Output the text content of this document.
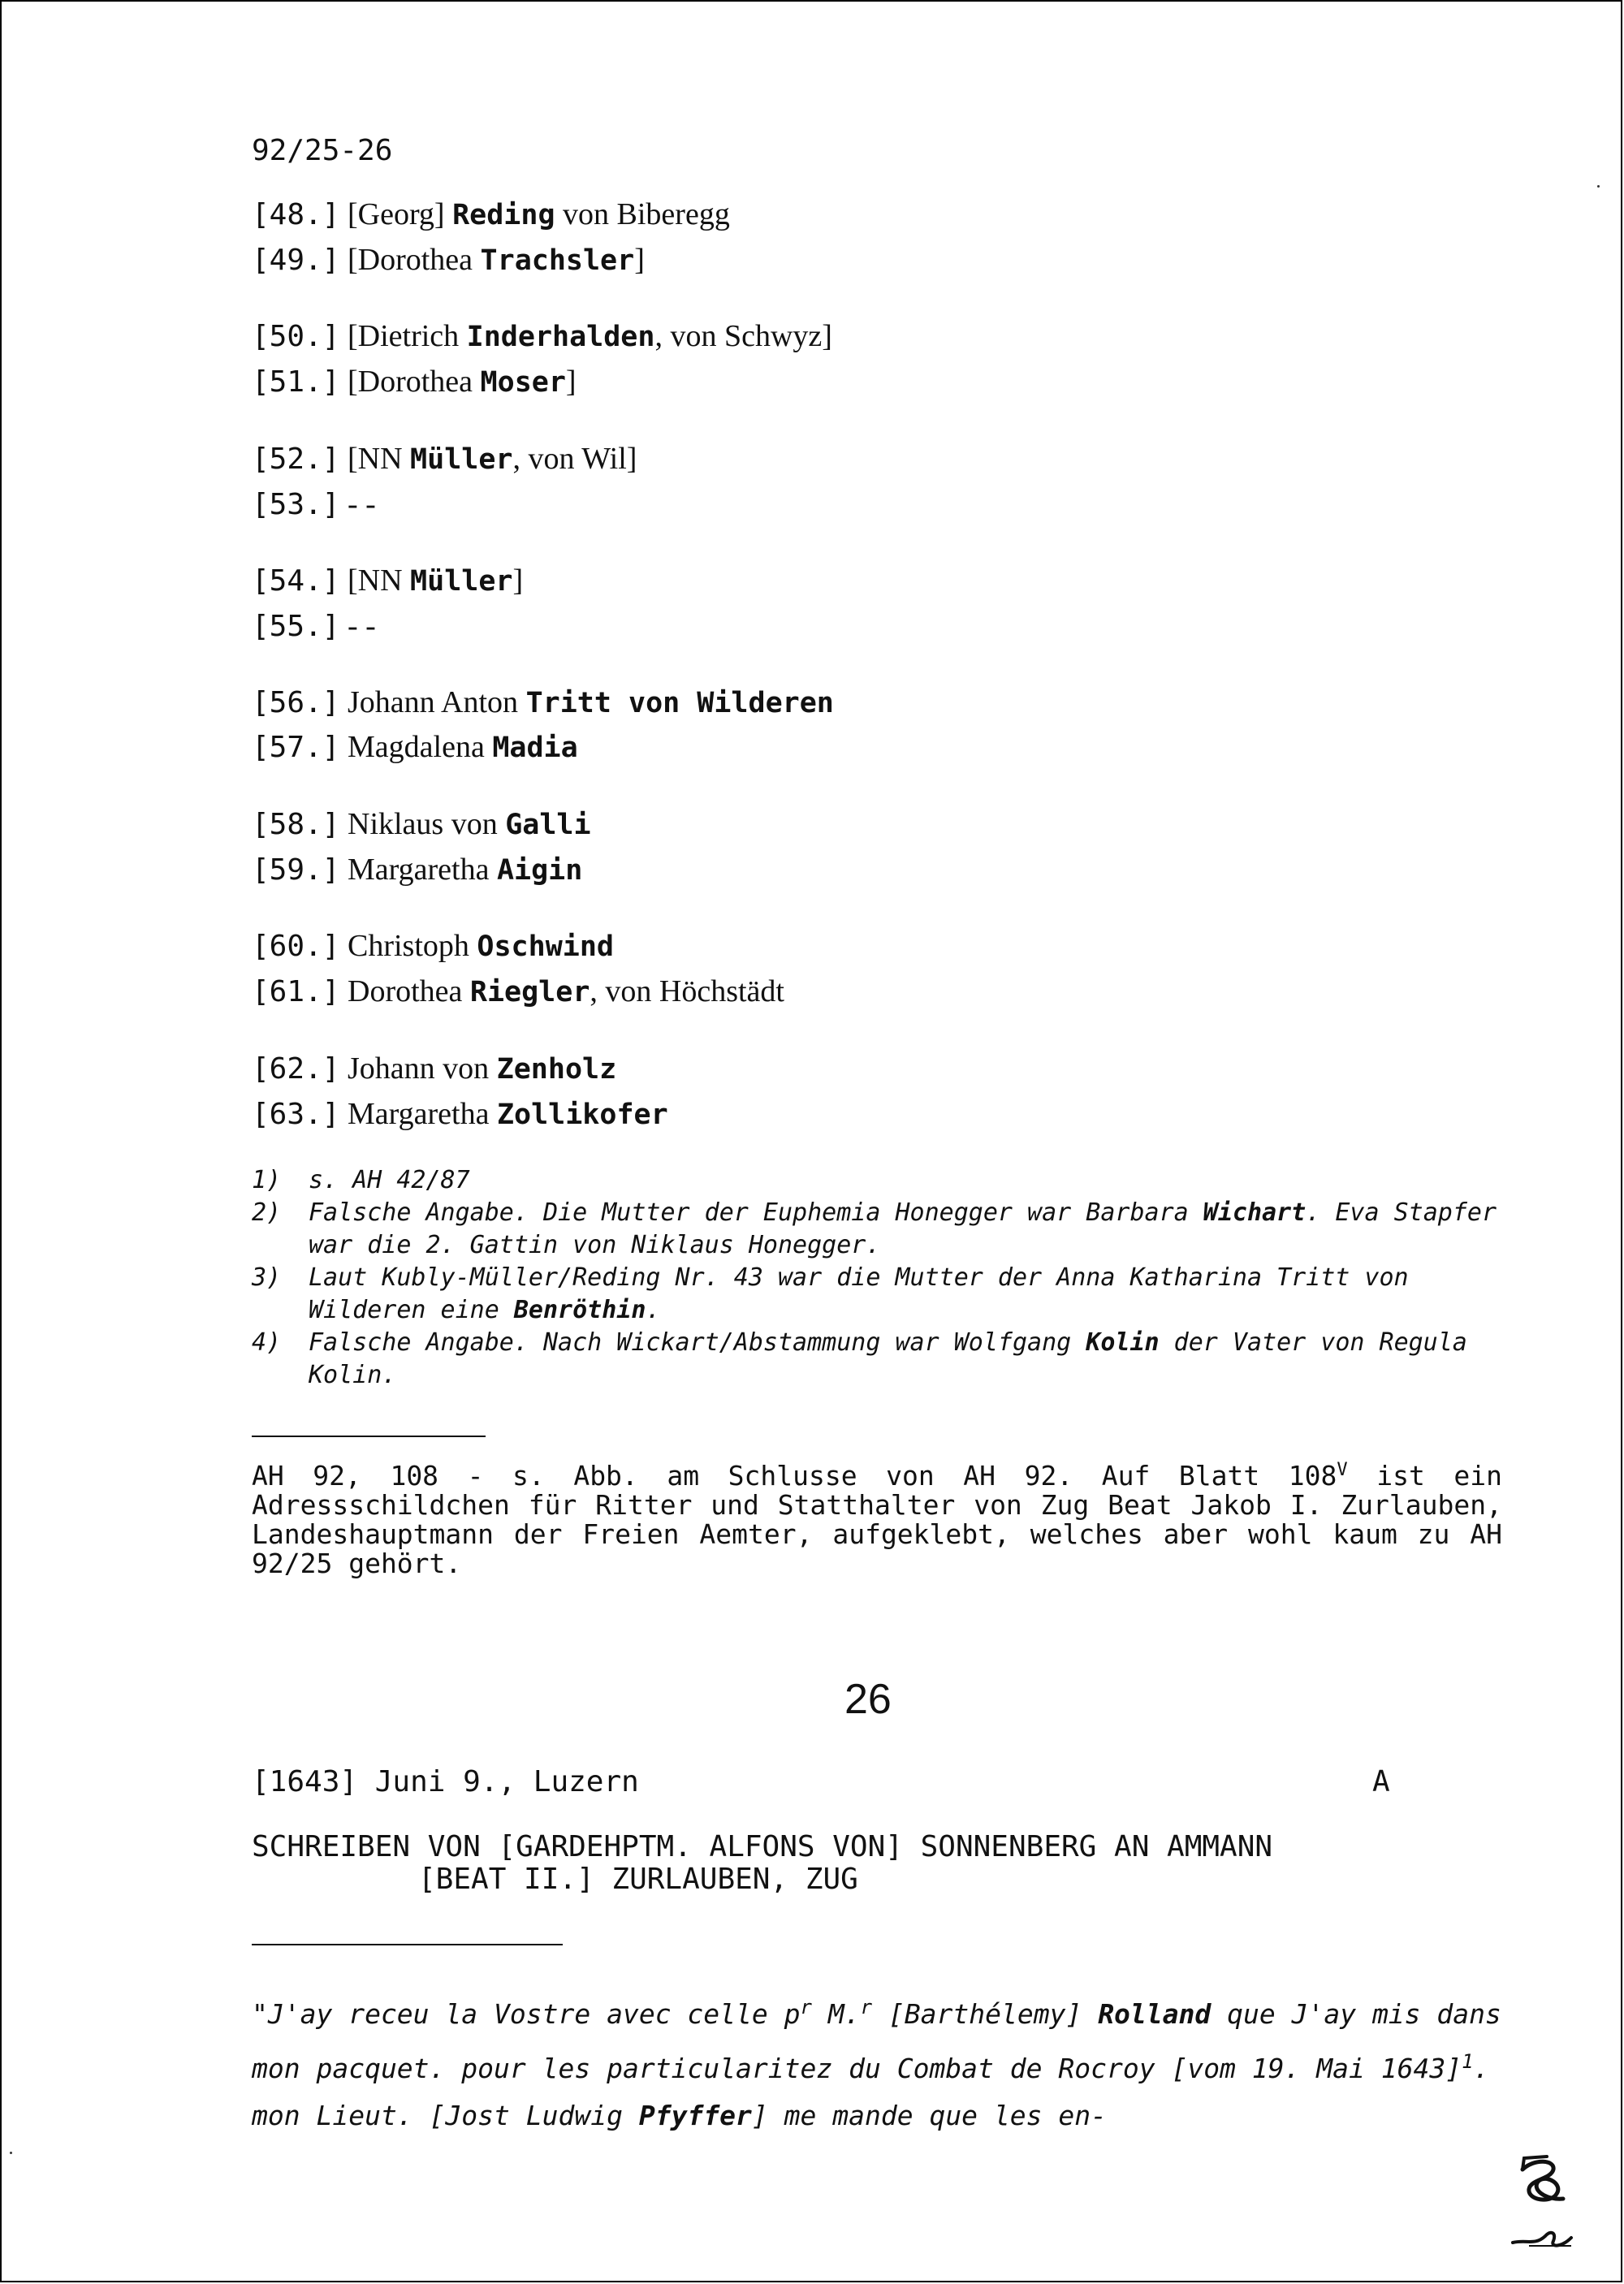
92/25-26
[48.] [Georg] Reding von Biberegg
[49.] [Dorothea Trachsler]
[50.] [Dietrich Inderhalden, von Schwyz]
[51.] [Dorothea Moser]
[52.] [NN Müller, von Wil]
[53.] - -
[54.] [NN Müller]
[55.] - -
[56.] Johann Anton Tritt von Wilderen
[57.] Magdalena Madia
[58.] Niklaus von Galli
[59.] Margaretha Aigin
[60.] Christoph Oschwind
[61.] Dorothea Riegler, von Höchstädt
[62.] Johann von Zenholz
[63.] Margaretha Zollikofer
1)	s. AH 42/87
2)	Falsche Angabe. Die Mutter der Euphemia Honegger war Barbara Wichart. Eva Stapfer war die 2. Gattin von Niklaus Honegger.
3)	Laut Kubly-Müller/Reding Nr. 43 war die Mutter der Anna Katharina Tritt von Wilderen eine Benröthin.
4)	Falsche Angabe. Nach Wickart/Abstammung war Wolfgang Kolin der Vater von Regula Kolin.
AH 92, 108 - s. Abb. am Schlusse von AH 92. Auf Blatt $108^V$ ist ein Adressschildchen für Ritter und Statthalter von Zug Beat Jakob I. Zurlauben, Landeshauptmann der Freien Aemter, aufgeklebt, welches aber wohl kaum zu AH 92/25 gehört.
26
[1643] Juni 9., Luzern	A
SCHREIBEN VON [GARDEHPTM. ALFONS VON] SONNENBERG AN AMMANN
[BEAT II.] ZURLAUBEN, ZUG
"J'ay receu la Vostre avec celle $p^r$ M.$^r$ [Barthélemy] Rolland que J'ay mis dans mon pacquet. pour les particularitez du Combat de Rocroy [vom 19. Mai 1643]$^1$. mon Lieut. [Jost Ludwig Pfyffer] me mande que les en-
